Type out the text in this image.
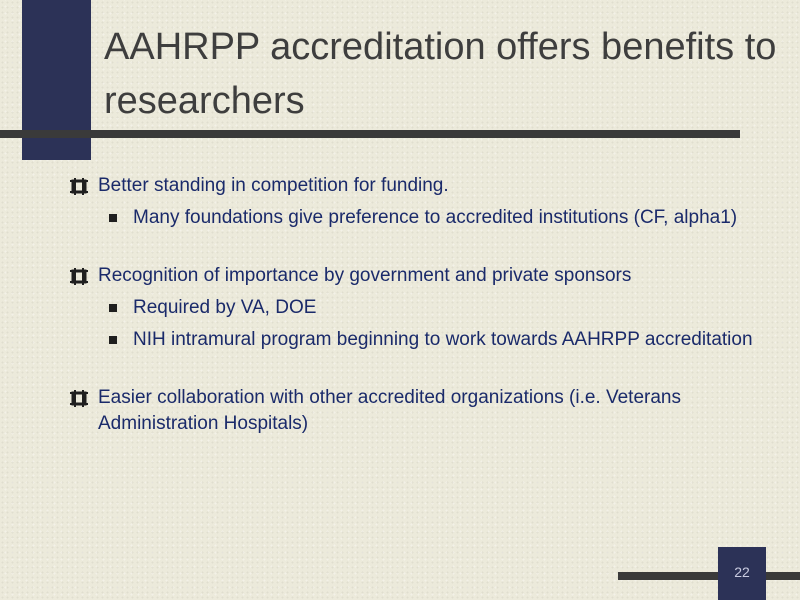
AAHRPP accreditation offers benefits to researchers
Better standing in competition for funding.
Many foundations give preference to accredited institutions (CF, alpha1)
Recognition of importance by government and private sponsors
Required by VA, DOE
NIH intramural program beginning to work towards AAHRPP accreditation
Easier collaboration with other accredited organizations (i.e. Veterans Administration Hospitals)
22
